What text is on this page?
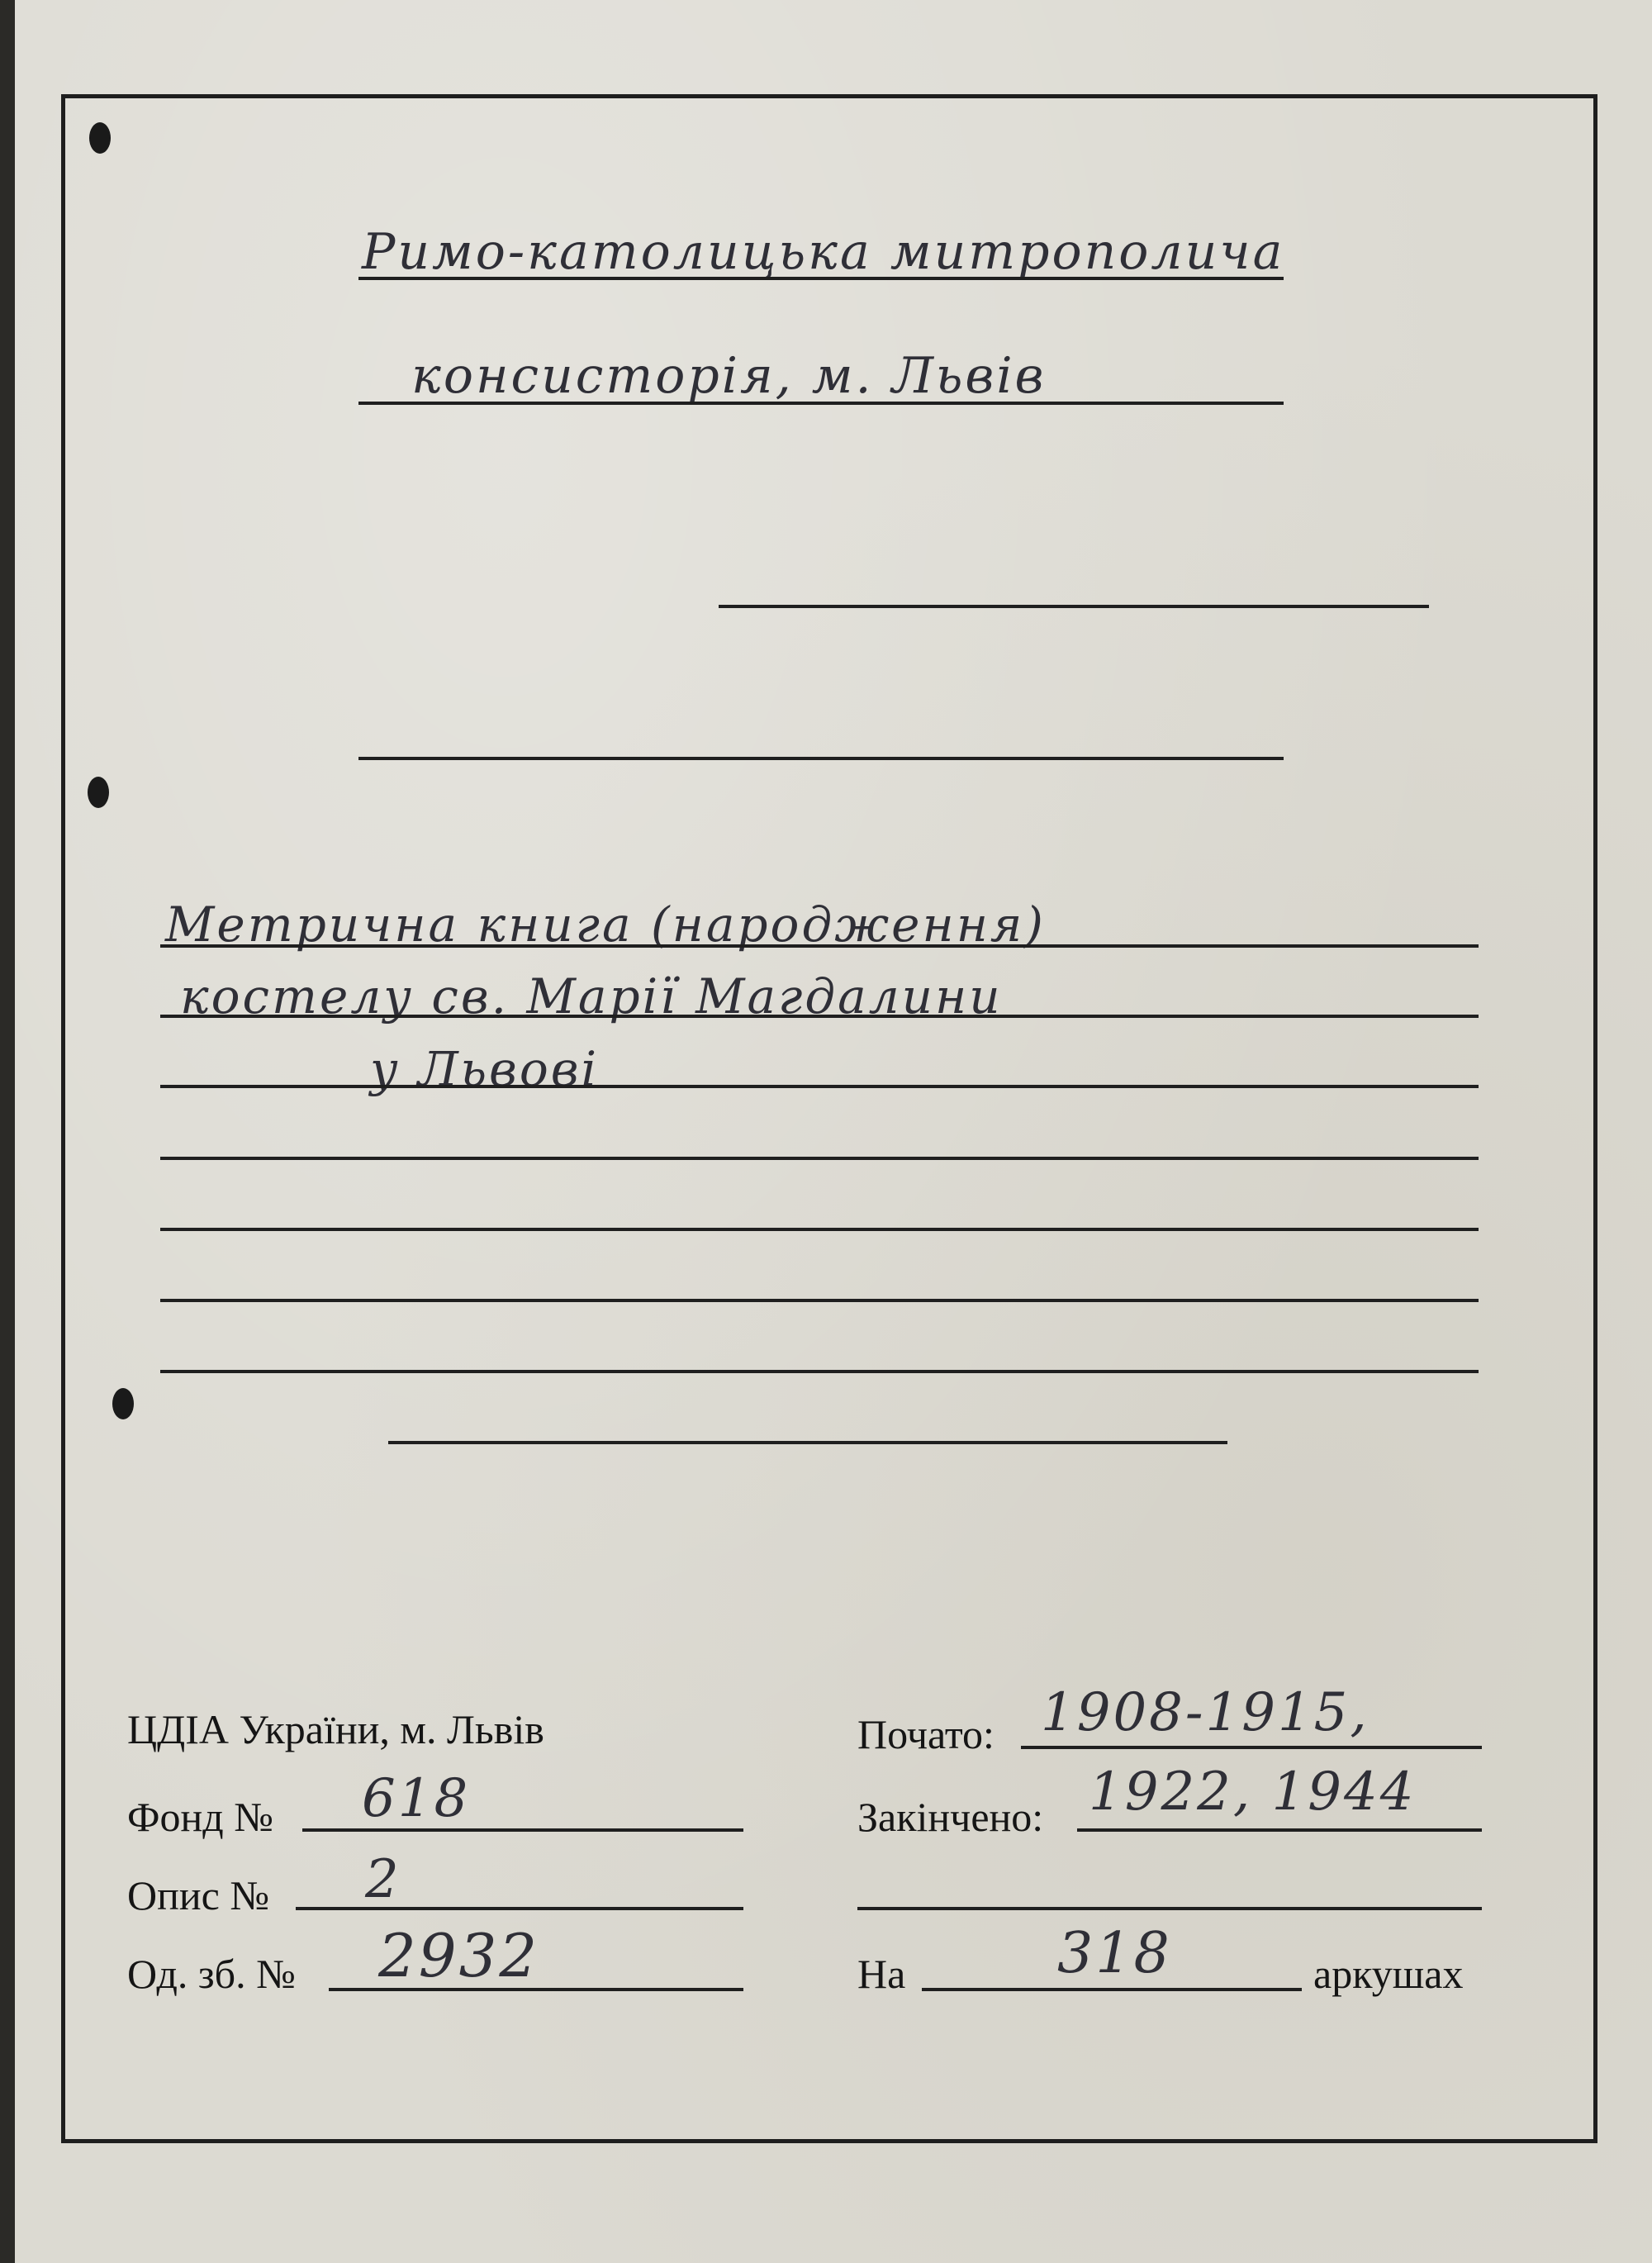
Римо-католицька митрополича
консисторія, м. Львів
Метрична книга (народження)
костелу св. Марії Магдалини
у Львові
ЦДІА України, м. Львів
Фонд № 618
Опис № 2
Од. зб. № 2932
Почато: 1908-1915,
Закінчено: 1922, 1944
На	318	аркушах
